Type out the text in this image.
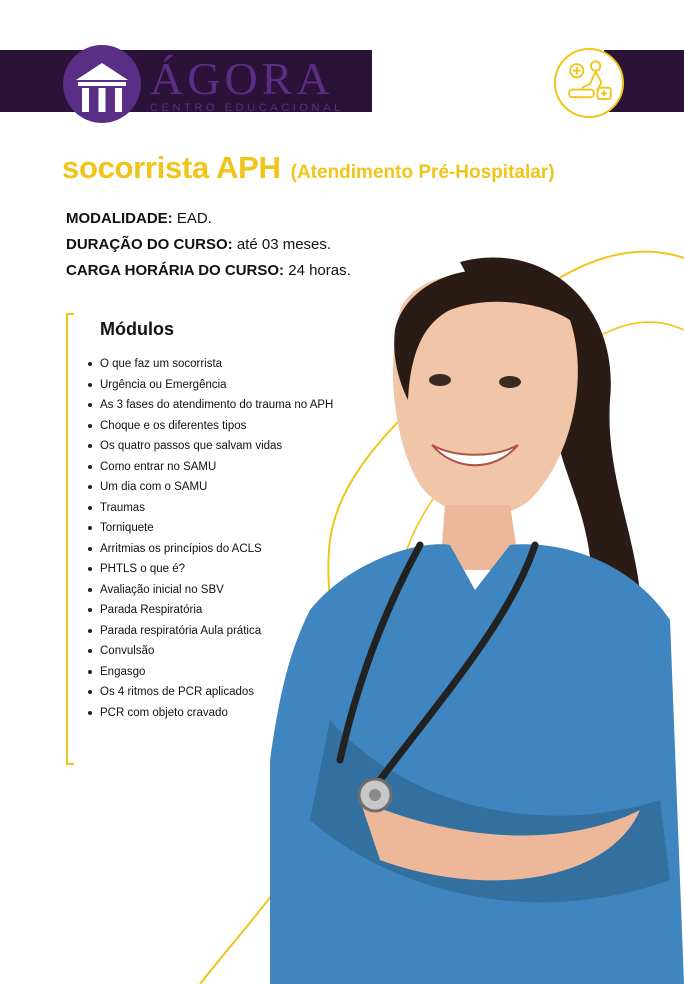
ÁGORA
CENTRO EDUCACIONAL
socorrista APH (Atendimento Pré-Hospitalar)
MODALIDADE: EAD.
DURAÇÃO DO CURSO: até 03 meses.
CARGA HORÁRIA DO CURSO: 24 horas.
Módulos
O que faz um socorrista
Urgência ou Emergência
As 3 fases do atendimento do trauma no APH
Choque e os diferentes tipos
Os quatro passos que salvam vidas
Como entrar no SAMU
Um dia com o SAMU
Traumas
Torniquete
Arritmias os princípios do ACLS
PHTLS o que é?
Avaliação inicial no SBV
Parada Respiratória
Parada respiratória Aula prática
Convulsão
Engasgo
Os 4 ritmos de PCR aplicados
PCR com objeto cravado
